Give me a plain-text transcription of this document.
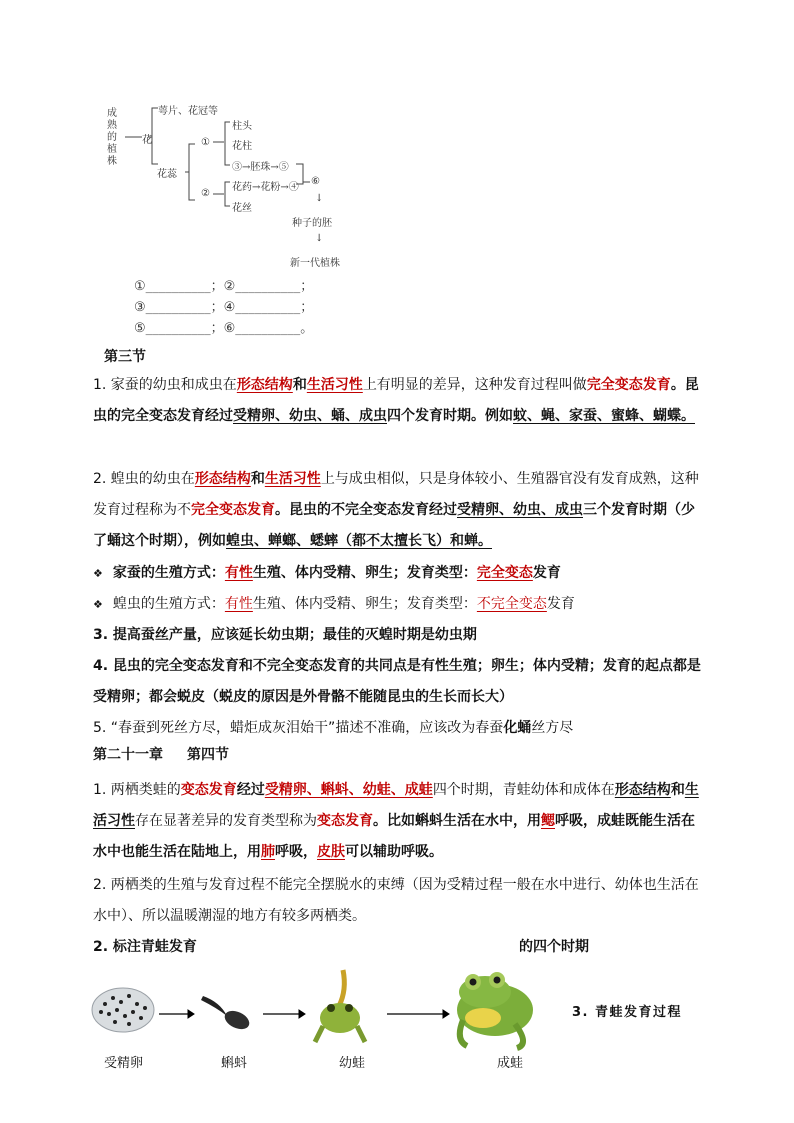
成熟的植株
花
萼片、花冠等
花蕊
①
②
柱头
花柱
③→胚珠→⑤
花药→花粉→④
花丝
⑥
↓
种子的胚
↓
新一代植株
①__________；②__________；
③__________；④__________；
⑤__________；⑥__________。
第三节
1. 家蚕的幼虫和成虫在形态结构和生活习性上有明显的差异，这种发育过程叫做完全变态发育。昆虫的完全变态发育经过受精卵、幼虫、蛹、成虫四个发育时期。例如蚊、蝇、家蚕、蜜蜂、蝴蝶。
2. 蝗虫的幼虫在形态结构和生活习性上与成虫相似，只是身体较小、生殖器官没有发育成熟，这种发育过程称为不完全变态发育。昆虫的不完全变态发育经过受精卵、幼虫、成虫三个发育时期（少了蛹这个时期），例如蝗虫、蝉螂、蟋蟀（都不太擅长飞）和蝉。
❖ 家蚕的生殖方式：有性生殖、体内受精、卵生；发育类型：完全变态发育
❖ 蝗虫的生殖方式：有性生殖、体内受精、卵生；发育类型：不完全变态发育
3. 提高蚕丝产量，应该延长幼虫期；最佳的灭蝗时期是幼虫期
4. 昆虫的完全变态发育和不完全变态发育的共同点是有性生殖；卵生；体内受精；发育的起点都是受精卵；都会蜕皮（蜕皮的原因是外骨骼不能随昆虫的生长而长大）
5. “春蚕到死丝方尽，蜡炬成灰泪始干”描述不准确，应该改为春蚕化蛹丝方尽
第二十一章 第四节
1. 两栖类蛙的变态发育经过受精卵、蝌蚪、幼蛙、成蛙四个时期，青蛙幼体和成体在形态结构和生活习性存在显著差异的发育类型称为变态发育。比如蝌蚪生活在水中，用鳃呼吸，成蛙既能生活在水中也能生活在陆地上，用肺呼吸，皮肤可以辅助呼吸。
2. 两栖类的生殖与发育过程不能完全摆脱水的束缚（因为受精过程一般在水中进行、幼体也生活在水中）、所以温暖潮湿的地方有较多两栖类。
2. 标注青蛙发育	的四个时期
3. 青蛙发育过程
受精卵	蝌蚪	幼蛙	成蛙
